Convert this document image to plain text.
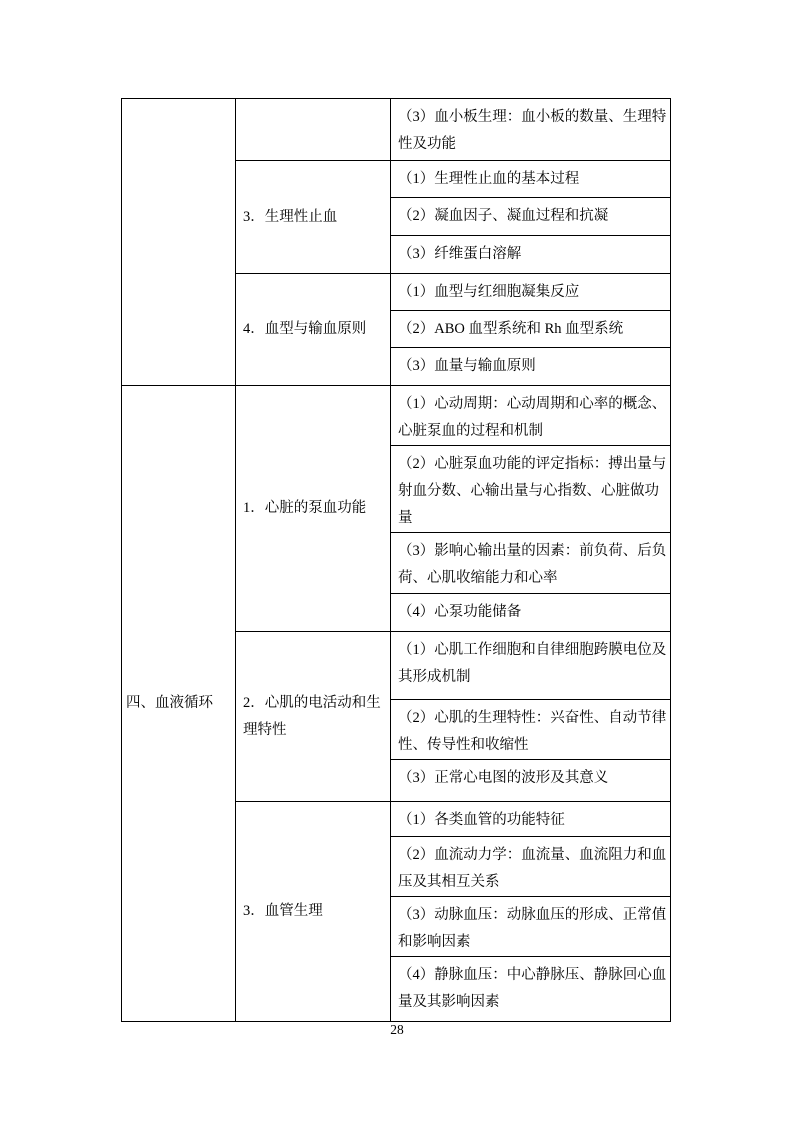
		（3）血小板生理：血小板的数量、生理特性及功能
	3．生理性止血	（1）生理性止血的基本过程
		（2）凝血因子、凝血过程和抗凝
		（3）纤维蛋白溶解
	4．血型与输血原则	（1）血型与红细胞凝集反应
		（2）ABO 血型系统和 Rh 血型系统
		（3）血量与输血原则
四、血液循环	1．心脏的泵血功能	（1）心动周期：心动周期和心率的概念、心脏泵血的过程和机制
		（2）心脏泵血功能的评定指标：搏出量与射血分数、心输出量与心指数、心脏做功量
		（3）影响心输出量的因素：前负荷、后负荷、心肌收缩能力和心率
		（4）心泵功能储备
	2．心肌的电活动和生理特性	（1）心肌工作细胞和自律细胞跨膜电位及其形成机制
		（2）心肌的生理特性：兴奋性、自动节律性、传导性和收缩性
		（3）正常心电图的波形及其意义
	3．血管生理	（1）各类血管的功能特征
		（2）血流动力学：血流量、血流阻力和血压及其相互关系
		（3）动脉血压：动脉血压的形成、正常值和影响因素
		（4）静脉血压：中心静脉压、静脉回心血量及其影响因素
28
